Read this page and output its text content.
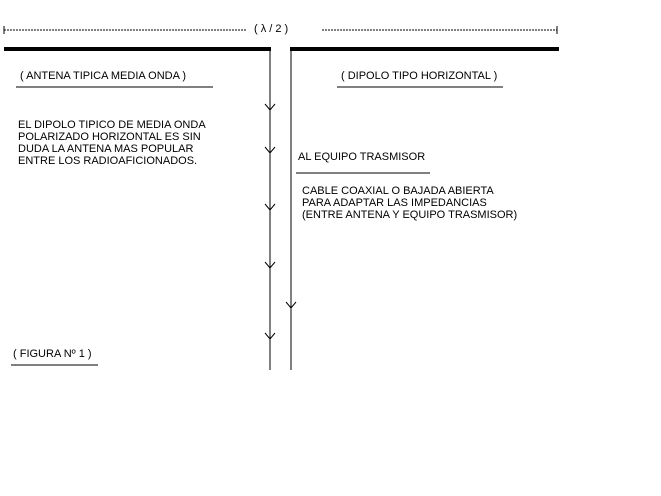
( λ / 2 )
( ANTENA TIPICA MEDIA ONDA )	( DIPOLO TIPO HORIZONTAL )
EL DIPOLO TIPICO DE MEDIA ONDA
POLARIZADO HORIZONTAL ES SIN
DUDA LA ANTENA MAS POPULAR
ENTRE LOS RADIOAFICIONADOS.	AL EQUIPO TRASMISOR
CABLE COAXIAL O BAJADA ABIERTA
PARA ADAPTAR LAS IMPEDANCIAS
(ENTRE ANTENA Y EQUIPO TRASMISOR)
( FIGURA Nº 1 )
